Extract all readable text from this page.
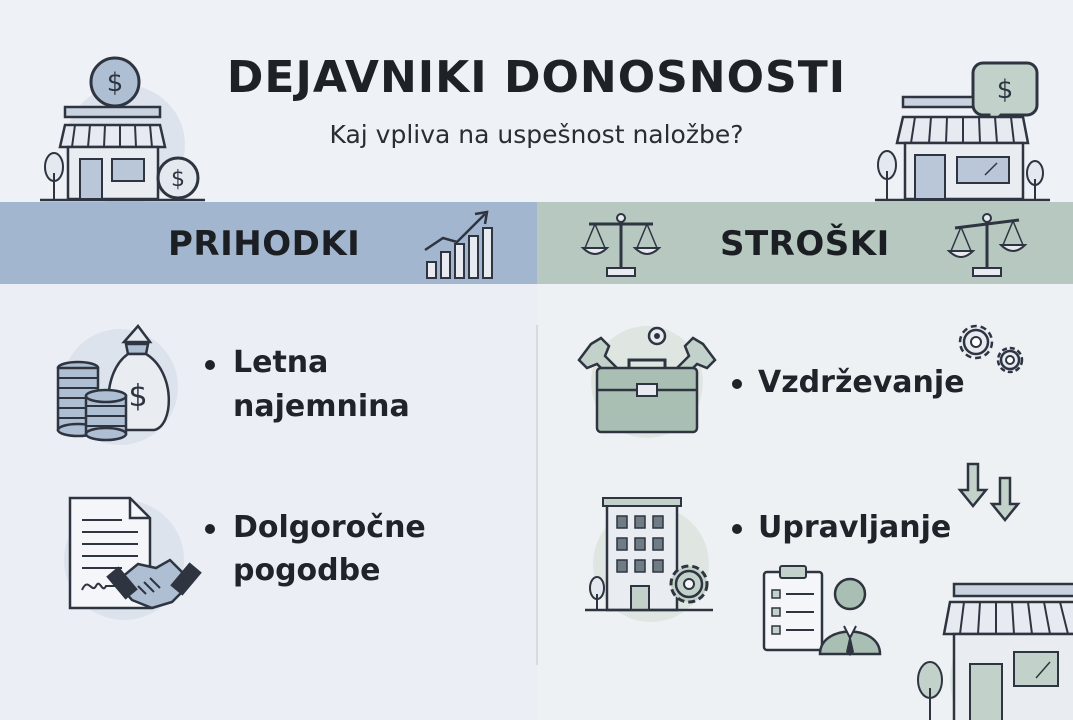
DEJAVNIKI DONOSNOSTI
Kaj vpliva na uspešnost naložbe?
$
$
$
PRIHODKI	STROŠKI
$
Letna
najemnina
Dolgoročne
pogodbe
Vzdrževanje
Upravljanje
